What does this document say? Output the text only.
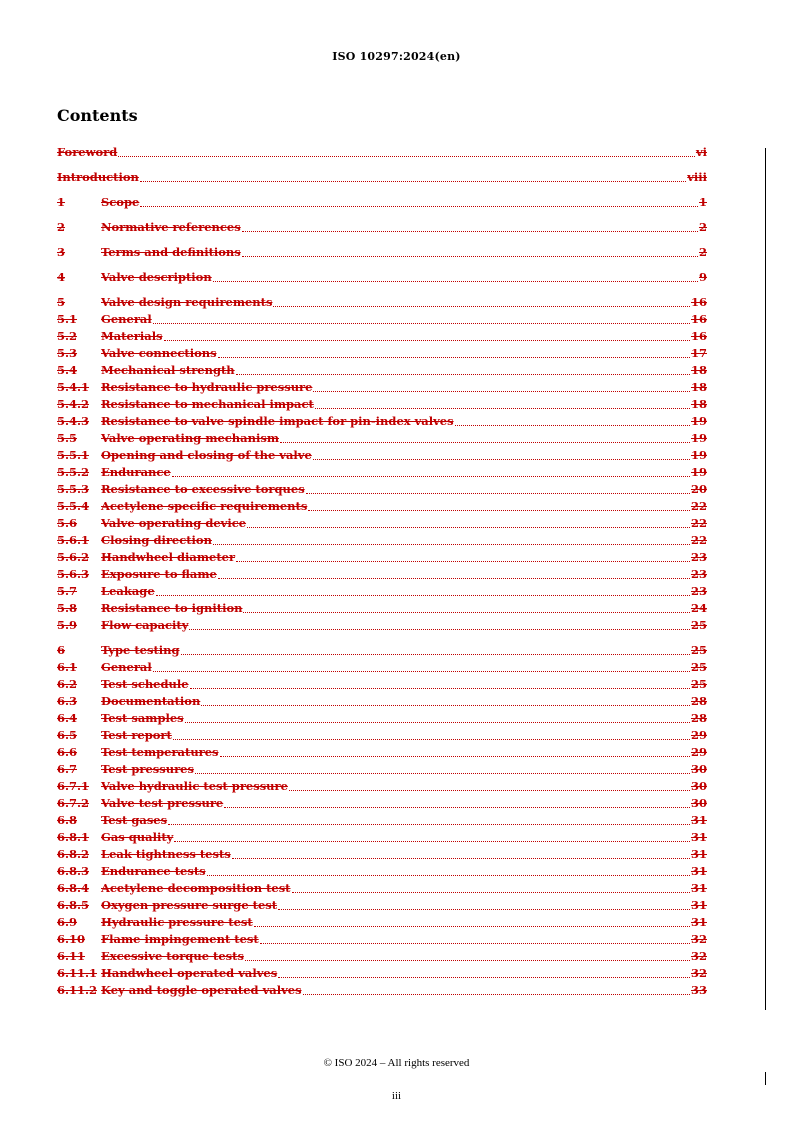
ISO 10297:2024(en)
Contents
Foreword	vi
Introduction	viii
1	Scope	1
2	Normative references	2
3	Terms and definitions	2
4	Valve description	9
5	Valve design requirements	16
5.1	General	16
5.2	Materials	16
5.3	Valve connections	17
5.4	Mechanical strength	18
5.4.1	Resistance to hydraulic pressure	18
5.4.2	Resistance to mechanical impact	18
5.4.3	Resistance to valve spindle impact for pin-index valves	19
5.5	Valve operating mechanism	19
5.5.1	Opening and closing of the valve	19
5.5.2	Endurance	19
5.5.3	Resistance to excessive torques	20
5.5.4	Acetylene specific requirements	22
5.6	Valve operating device	22
5.6.1	Closing direction	22
5.6.2	Handwheel diameter	23
5.6.3	Exposure to flame	23
5.7	Leakage	23
5.8	Resistance to ignition	24
5.9	Flow capacity	25
6	Type testing	25
6.1	General	25
6.2	Test schedule	25
6.3	Documentation	28
6.4	Test samples	28
6.5	Test report	29
6.6	Test temperatures	29
6.7	Test pressures	30
6.7.1	Valve hydraulic test pressure	30
6.7.2	Valve test pressure	30
6.8	Test gases	31
6.8.1	Gas quality	31
6.8.2	Leak tightness tests	31
6.8.3	Endurance tests	31
6.8.4	Acetylene decomposition test	31
6.8.5	Oxygen pressure surge test	31
6.9	Hydraulic pressure test	31
6.10	Flame impingement test	32
6.11	Excessive torque tests	32
6.11.1 Handwheel operated valves	32
6.11.2 Key and toggle operated valves	33
© ISO 2024 – All rights reserved
iii
